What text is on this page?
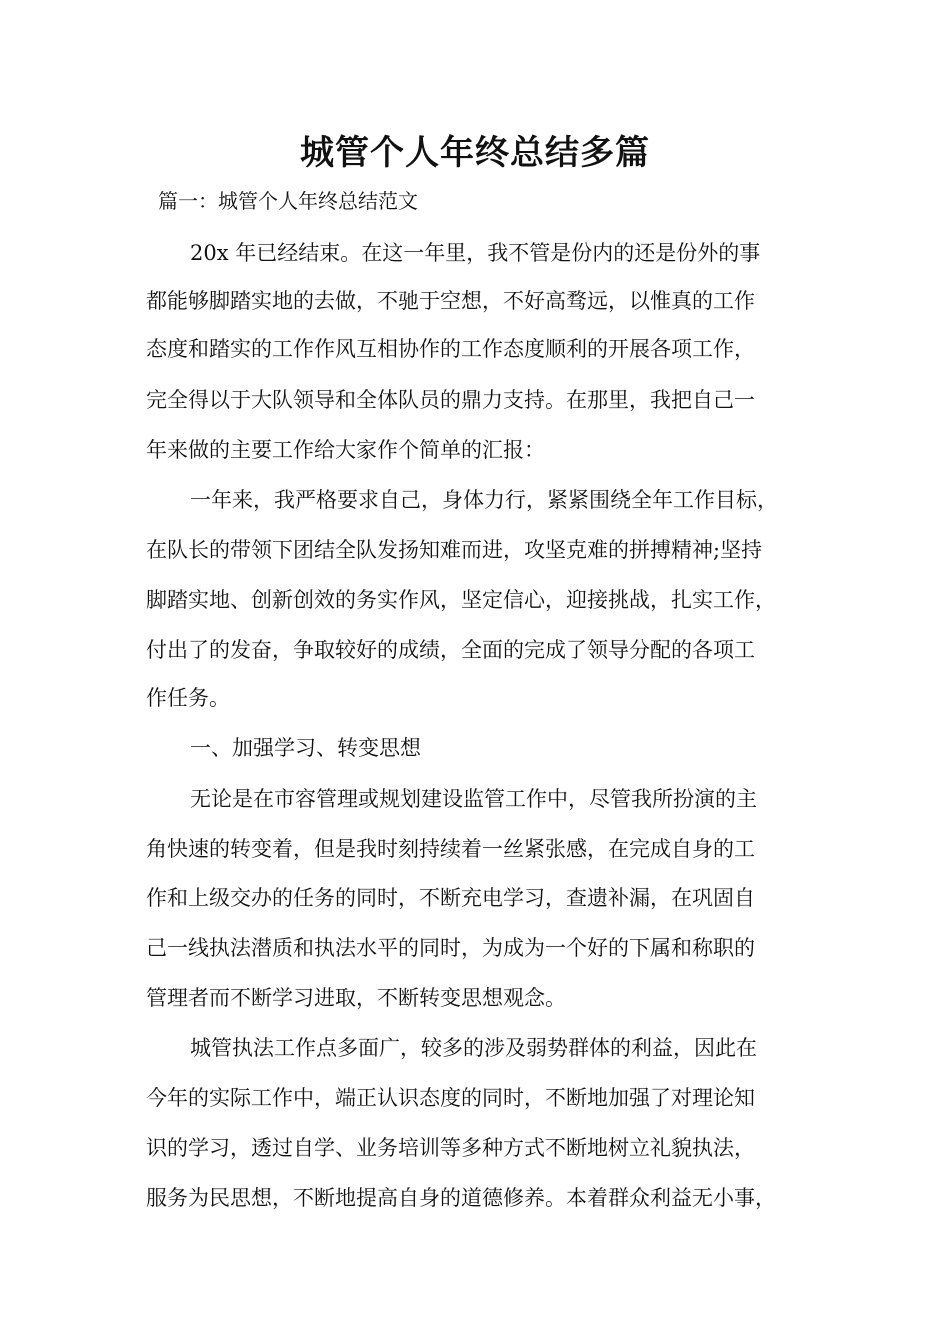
城管个人年终总结多篇
篇一：城管个人年终总结范文
20x 年已经结束。在这一年里，我不管是份内的还是份外的事
都能够脚踏实地的去做，不驰于空想，不好高骛远，以惟真的工作
态度和踏实的工作作风互相协作的工作态度顺利的开展各项工作，
完全得以于大队领导和全体队员的鼎力支持。在那里，我把自己一
年来做的主要工作给大家作个简单的汇报：
一年来，我严格要求自己，身体力行，紧紧围绕全年工作目标，
在队长的带领下团结全队发扬知难而进，攻坚克难的拼搏精神;坚持
脚踏实地、创新创效的务实作风，坚定信心，迎接挑战，扎实工作，
付出了的发奋，争取较好的成绩，全面的完成了领导分配的各项工
作任务。
一、加强学习、转变思想
无论是在市容管理或规划建设监管工作中，尽管我所扮演的主
角快速的转变着，但是我时刻持续着一丝紧张感，在完成自身的工
作和上级交办的任务的同时，不断充电学习，查遗补漏，在巩固自
己一线执法潜质和执法水平的同时，为成为一个好的下属和称职的
管理者而不断学习进取，不断转变思想观念。
城管执法工作点多面广，较多的涉及弱势群体的利益，因此在
今年的实际工作中，端正认识态度的同时，不断地加强了对理论知
识的学习，透过自学、业务培训等多种方式不断地树立礼貌执法，
服务为民思想，不断地提高自身的道德修养。本着群众利益无小事，
